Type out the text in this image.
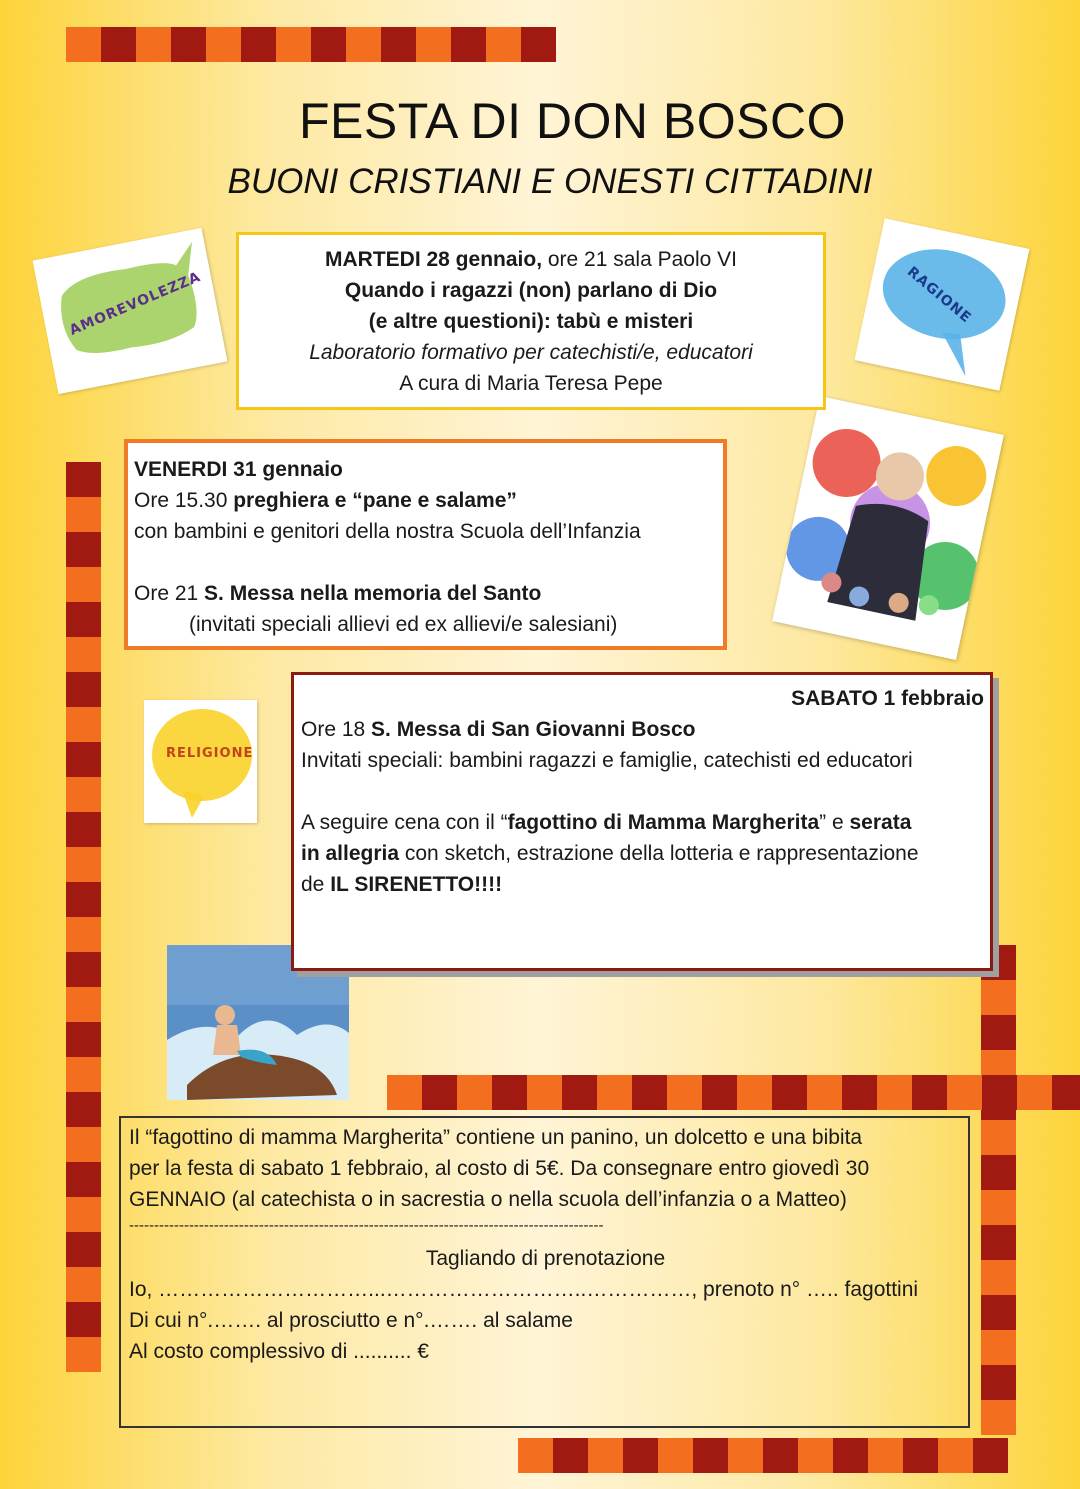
FESTA DI DON BOSCO
BUONI CRISTIANI E ONESTI CITTADINI
AMOREVOLEZZA	RAGIONE
RELIGIONE
MARTEDI 28 gennaio, ore 21 sala Paolo VI
Quando i ragazzi (non) parlano di Dio
(e altre questioni): tabù e misteri
Laboratorio formativo per catechisti/e, educatori
A cura di Maria Teresa Pepe
VENERDI 31 gennaio
Ore 15.30 preghiera e “pane e salame”
con bambini e genitori della nostra Scuola dell’Infanzia

Ore 21 S. Messa nella memoria del Santo
(invitati speciali allievi ed ex allievi/e salesiani)
SABATO 1 febbraio
Ore 18 S. Messa di San Giovanni Bosco
Invitati speciali: bambini ragazzi e famiglie, catechisti ed educatori

A seguire cena con il “fagottino di Mamma Margherita” e serata
in allegria con sketch, estrazione della lotteria e rappresentazione
de IL SIRENETTO!!!!
Il “fagottino di mamma Margherita” contiene un panino, un dolcetto e una bibita
per la festa di sabato 1 febbraio, al costo di 5€. Da consegnare entro giovedì 30
GENNAIO (al catechista o in sacrestia o nella scuola dell’infanzia o a Matteo)
-----------------------------------------------------------------------------------------------
Tagliando di prenotazione
Io, …………………………...………………………..……………, prenoto n° ….. fagottini
Di cui n°.……. al prosciutto e n°.……. al salame
Al costo complessivo di .......... €
